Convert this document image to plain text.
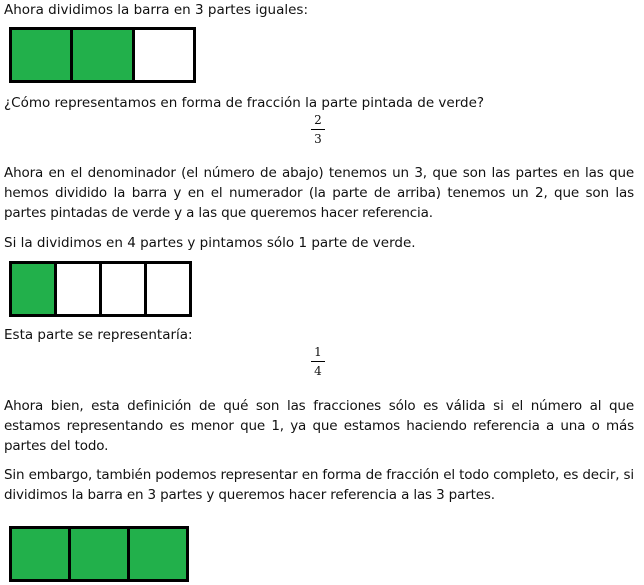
Ahora dividimos la barra en 3 partes iguales:
¿Cómo representamos en forma de fracción la parte pintada de verde?
2
3
Ahora en el denominador (el número de abajo) tenemos un 3, que son las partes en las que hemos dividido la barra y en el numerador (la parte de arriba) tenemos un 2, que son las partes pintadas de verde y a las que queremos hacer referencia.
Si la dividimos en 4 partes y pintamos sólo 1 parte de verde.
Esta parte se representaría:
1
4
Ahora bien, esta definición de qué son las fracciones sólo es válida si el número al que estamos representando es menor que 1, ya que estamos haciendo referencia a una o más partes del todo.
Sin embargo, también podemos representar en forma de fracción el todo completo, es decir, si dividimos la barra en 3 partes y queremos hacer referencia a las 3 partes.
